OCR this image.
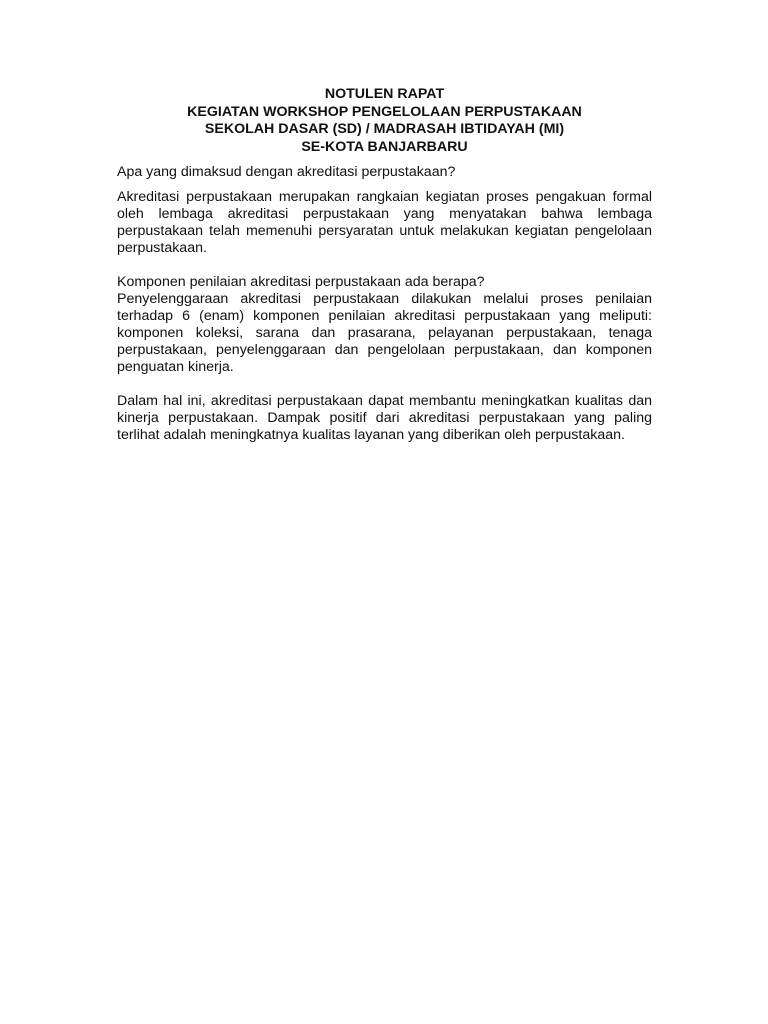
NOTULEN RAPAT
KEGIATAN WORKSHOP PENGELOLAAN PERPUSTAKAAN
SEKOLAH DASAR (SD) / MADRASAH IBTIDAYAH (MI)
SE-KOTA BANJARBARU

Apa yang dimaksud dengan akreditasi perpustakaan?

Akreditasi perpustakaan merupakan rangkaian kegiatan proses pengakuan formal oleh lembaga akreditasi perpustakaan yang menyatakan bahwa lembaga perpustakaan telah memenuhi persyaratan untuk melakukan kegiatan pengelolaan perpustakaan.

Komponen penilaian akreditasi perpustakaan ada berapa?

Penyelenggaraan akreditasi perpustakaan dilakukan melalui proses penilaian terhadap 6 (enam) komponen penilaian akreditasi perpustakaan yang meliputi: komponen koleksi, sarana dan prasarana, pelayanan perpustakaan, tenaga perpustakaan, penyelenggaraan dan pengelolaan perpustakaan, dan komponen penguatan kinerja.

Dalam hal ini, akreditasi perpustakaan dapat membantu meningkatkan kualitas dan kinerja perpustakaan. Dampak positif dari akreditasi perpustakaan yang paling terlihat adalah meningkatnya kualitas layanan yang diberikan oleh perpustakaan.
